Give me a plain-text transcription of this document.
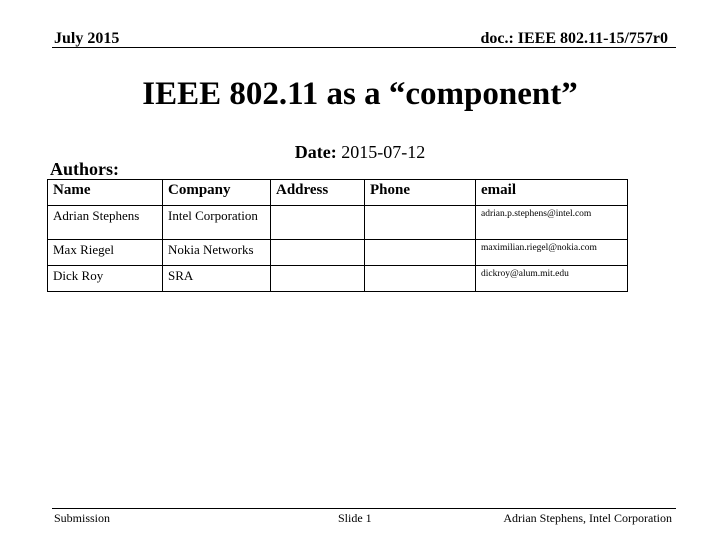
July 2015	doc.: IEEE 802.11-15/757r0
IEEE 802.11 as a “component”
Date: 2015-07-12
Authors:
Name	Company	Address	Phone	email
Adrian Stephens	Intel Corporation			adrian.p.stephens@intel.com
Max Riegel	Nokia Networks			maximilian.riegel@nokia.com
Dick Roy	SRA			dickroy@alum.mit.edu
Submission	Slide 1	Adrian Stephens, Intel Corporation
